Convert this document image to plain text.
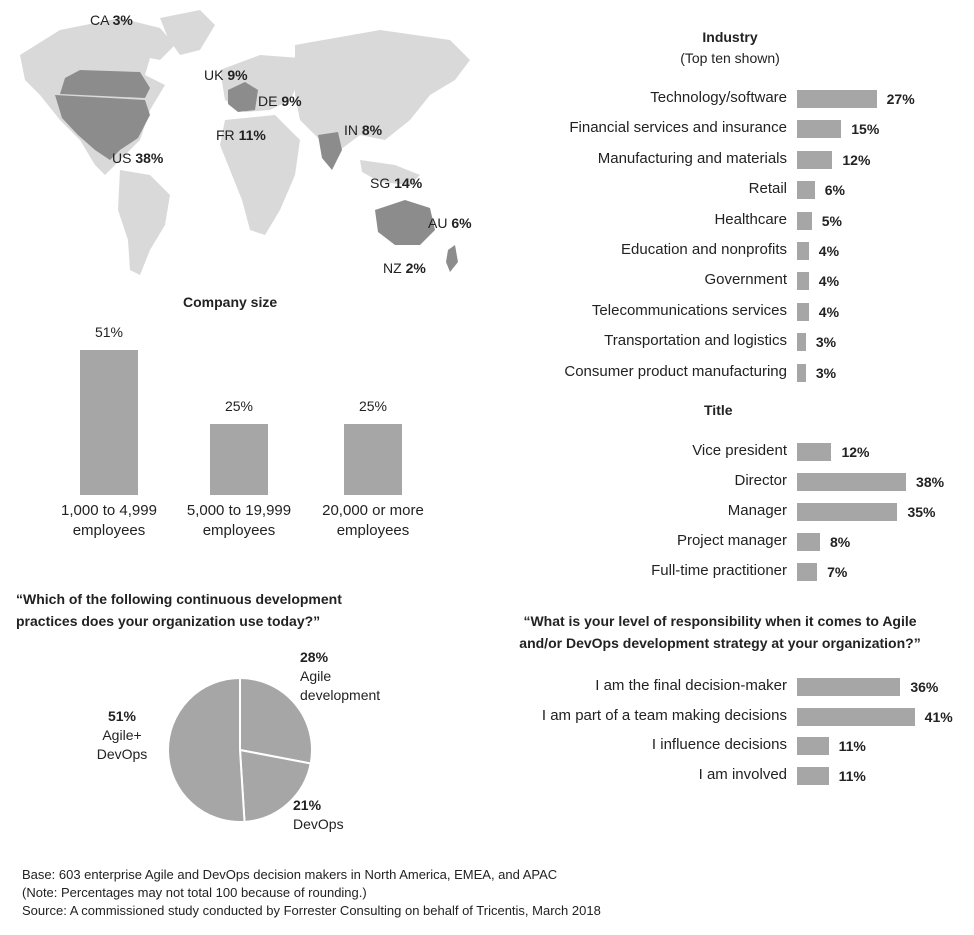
CA 3%
UK 9%
DE 9%
FR 11%	IN 8%
US 38%
SG 14%
AU 6%
NZ 2%
Company size
51%
1,000 to 4,999
employees
25%
5,000 to 19,999
employees
25%
20,000 or more
employees
Industry
(Top ten shown)
Technology/software	27%
Financial services and insurance	15%
Manufacturing and materials	12%
Retail	6%
Healthcare 5%
Education and nonprofits 4%
Government 4%
Telecommunications services 4%
Transportation and logistics 3%
Consumer product manufacturing 3%
Title
Vice president	12%
Director	38%
Manager	35%
Project manager	8%
Full-time practitioner	7%
“What is your level of responsibility when it comes to Agile
and/or DevOps development strategy at your organization?”
I am the final decision-maker	36%
I am part of a team making decisions	41%
I influence decisions	11%
I am involved	11%
“Which of the following continuous development
practices does your organization use today?”
28%
Agile
development
21%
DevOps
51%
Agile+
DevOps
Base: 603 enterprise Agile and DevOps decision makers in North America, EMEA, and APAC
(Note: Percentages may not total 100 because of rounding.)
Source: A commissioned study conducted by Forrester Consulting on behalf of Tricentis, March 2018
